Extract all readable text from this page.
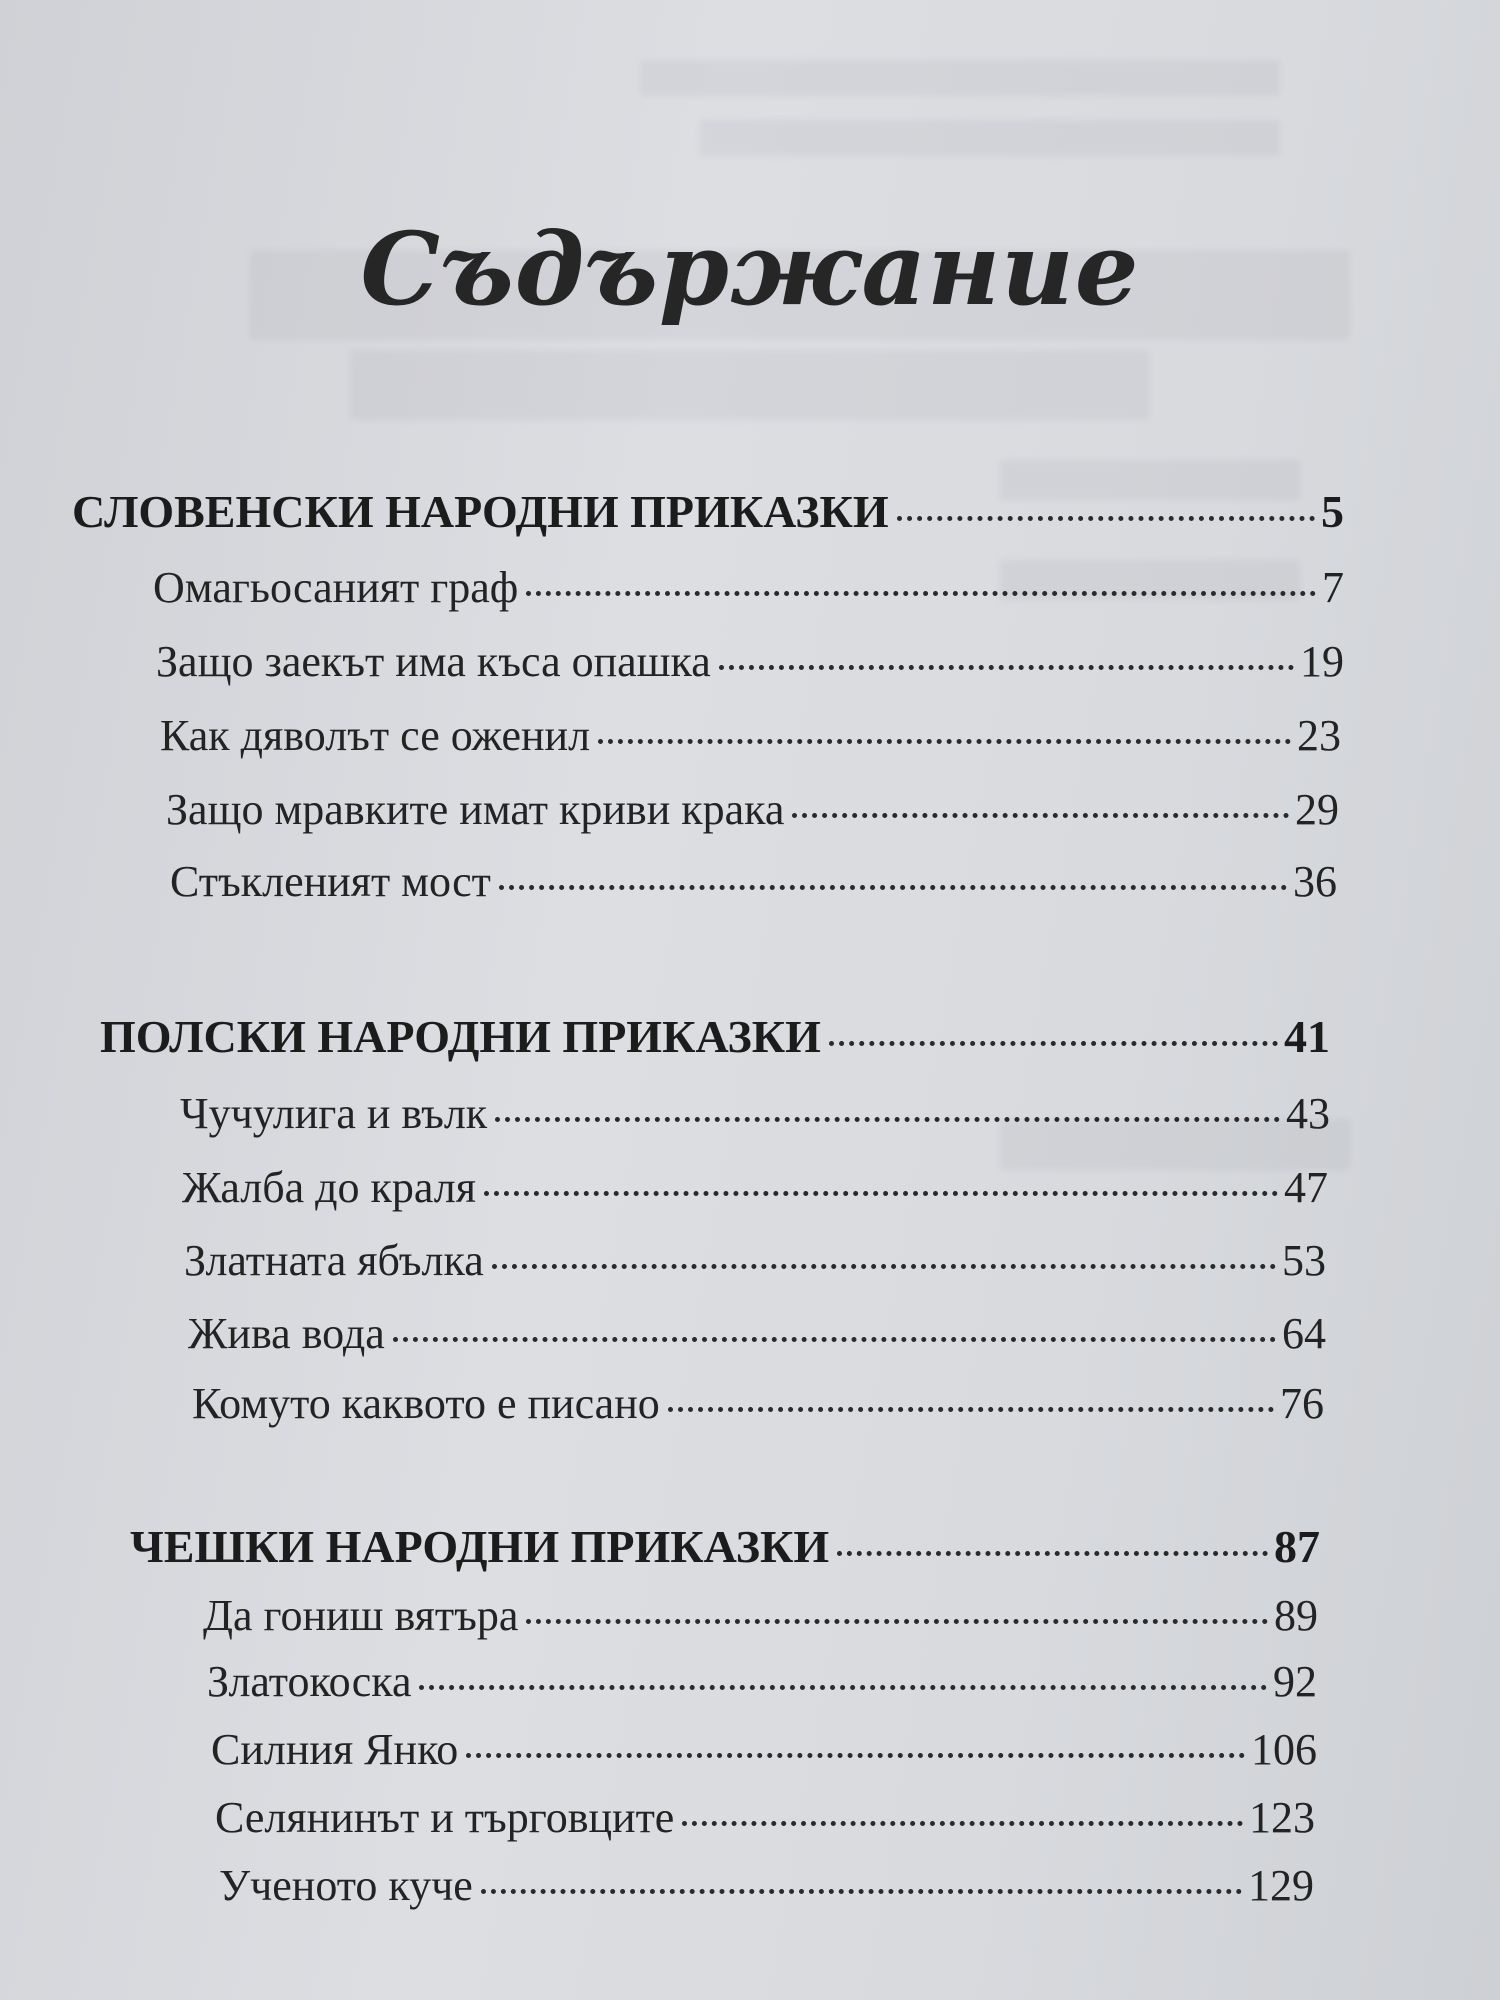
Съдържание
СЛОВЕНСКИ НАРОДНИ ПРИКАЗКИ	5
Омагьосаният граф	7
Защо заекът има къса опашка	19
Как дяволът се оженил	23
Защо мравките имат криви крака	29
Стъкленият мост	36
ПОЛСКИ НАРОДНИ ПРИКАЗКИ	41
Чучулига и вълк	43
Жалба до краля	47
Златната ябълка	53
Жива вода	64
Комуто каквото е писано	76
ЧЕШКИ НАРОДНИ ПРИКАЗКИ	87
Да гониш вятъра	89
Златокоска	92
Силния Янко	106
Селянинът и търговците	123
Ученото куче	129
